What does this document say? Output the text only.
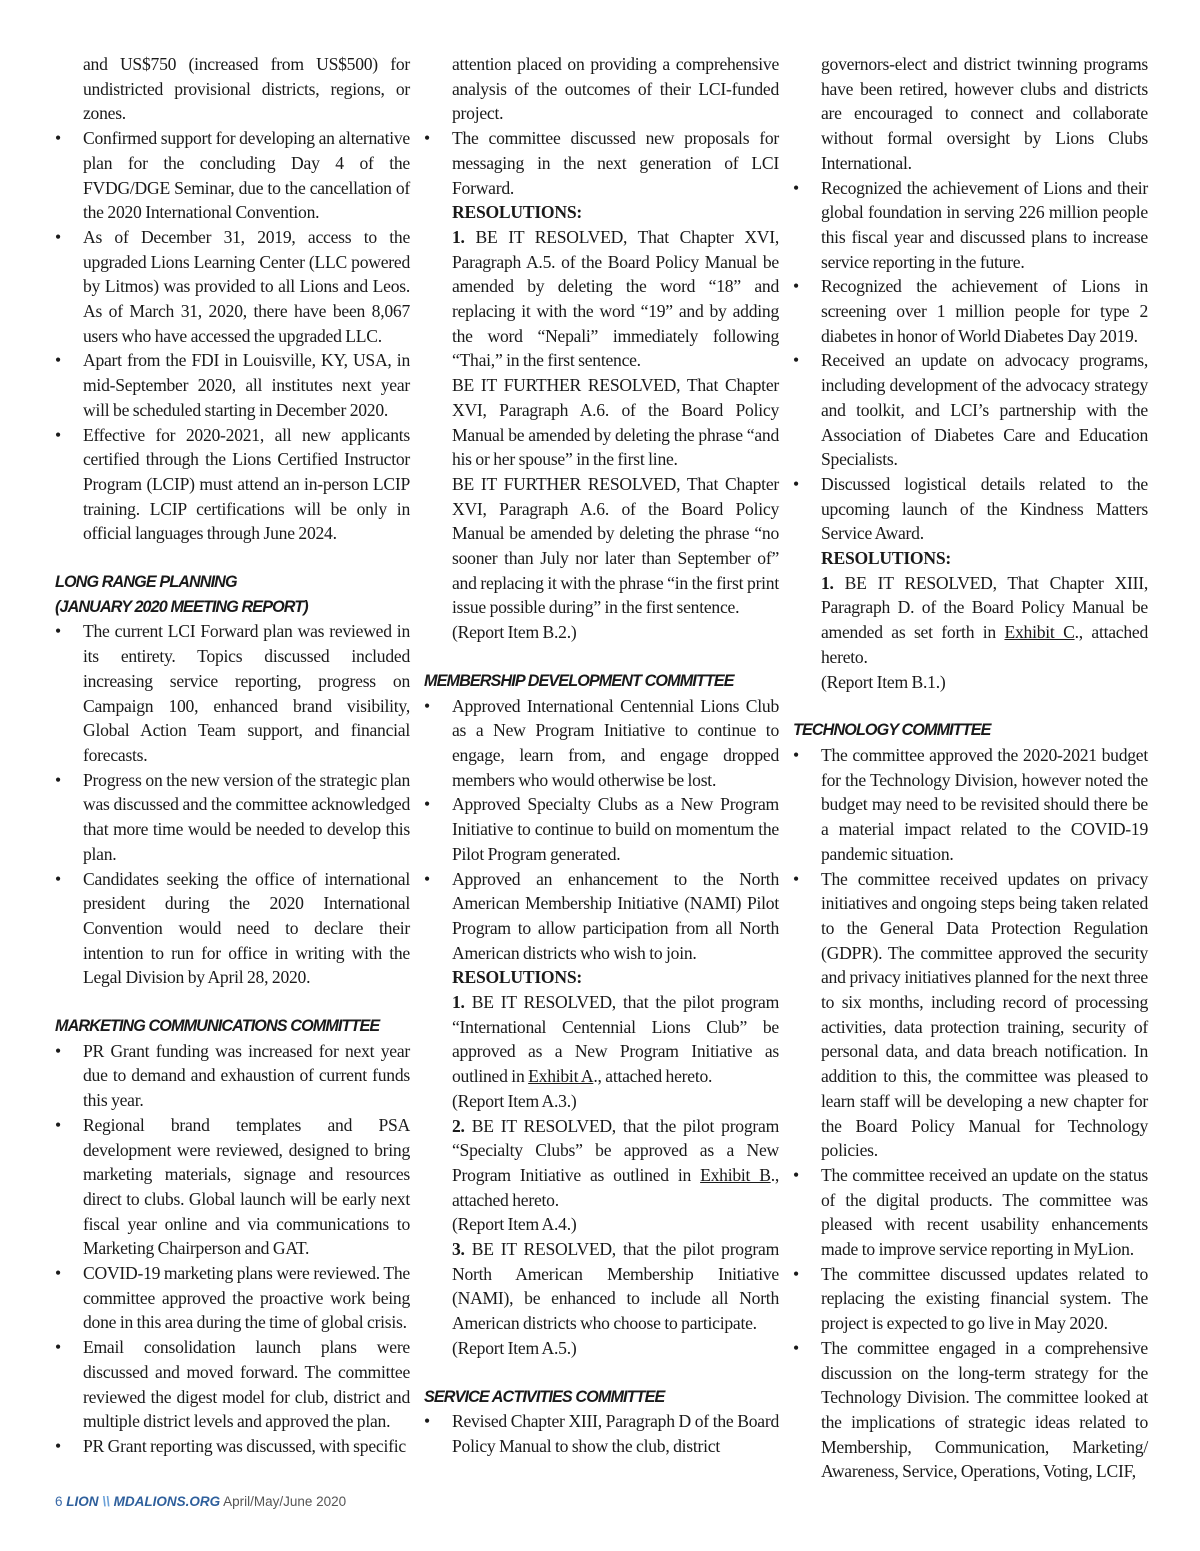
and US$750 (increased from US$500) for undistricted provisional districts, regions, or zones.
• Confirmed support for developing an alternative plan for the concluding Day 4 of the FVDG/DGE Seminar, due to the cancellation of the 2020 International Convention.
• As of December 31, 2019, access to the upgraded Lions Learning Center (LLC powered by Litmos) was provided to all Lions and Leos. As of March 31, 2020, there have been 8,067 users who have accessed the upgraded LLC.
• Apart from the FDI in Louisville, KY, USA, in mid-September 2020, all institutes next year will be scheduled starting in December 2020.
• Effective for 2020-2021, all new applicants certified through the Lions Certified Instructor Program (LCIP) must attend an in-person LCIP training. LCIP certifications will be only in official languages through June 2024.
LONG RANGE PLANNING
(JANUARY 2020 MEETING REPORT)
• The current LCI Forward plan was reviewed in its entirety. Topics discussed included increasing service reporting, progress on Campaign 100, enhanced brand visibility, Global Action Team support, and financial forecasts.
• Progress on the new version of the strategic plan was discussed and the committee acknowledged that more time would be needed to develop this plan.
• Candidates seeking the office of international president during the 2020 International Convention would need to declare their intention to run for office in writing with the Legal Division by April 28, 2020.
MARKETING COMMUNICATIONS COMMITTEE
• PR Grant funding was increased for next year due to demand and exhaustion of current funds this year.
• Regional brand templates and PSA development were reviewed, designed to bring marketing materials, signage and resources direct to clubs. Global launch will be early next fiscal year online and via communications to Marketing Chairperson and GAT.
• COVID-19 marketing plans were reviewed. The committee approved the proactive work being done in this area during the time of global crisis.
• Email consolidation launch plans were discussed and moved forward. The committee reviewed the digest model for club, district and multiple district levels and approved the plan.
• PR Grant reporting was discussed, with specific
attention placed on providing a comprehensive analysis of the outcomes of their LCI-funded project.
• The committee discussed new proposals for messaging in the next generation of LCI Forward.
RESOLUTIONS:
1. BE IT RESOLVED, That Chapter XVI, Paragraph A.5. of the Board Policy Manual be amended by deleting the word “18” and replacing it with the word “19” and by adding the word “Nepali” immediately following “Thai,” in the first sentence.
BE IT FURTHER RESOLVED, That Chapter XVI, Paragraph A.6. of the Board Policy Manual be amended by deleting the phrase “and his or her spouse” in the first line.
BE IT FURTHER RESOLVED, That Chapter XVI, Paragraph A.6. of the Board Policy Manual be amended by deleting the phrase “no sooner than July nor later than September of” and replacing it with the phrase “in the first print issue possible during” in the first sentence.
(Report Item B.2.)
MEMBERSHIP DEVELOPMENT COMMITTEE
• Approved International Centennial Lions Club as a New Program Initiative to continue to engage, learn from, and engage dropped members who would otherwise be lost.
• Approved Specialty Clubs as a New Program Initiative to continue to build on momentum the Pilot Program generated.
• Approved an enhancement to the North American Membership Initiative (NAMI) Pilot Program to allow participation from all North American districts who wish to join.
RESOLUTIONS:
1. BE IT RESOLVED, that the pilot program “International Centennial Lions Club” be approved as a New Program Initiative as outlined in Exhibit A., attached hereto.
(Report Item A.3.)
2. BE IT RESOLVED, that the pilot program “Specialty Clubs” be approved as a New Program Initiative as outlined in Exhibit B., attached hereto.
(Report Item A.4.)
3. BE IT RESOLVED, that the pilot program North American Membership Initiative (NAMI), be enhanced to include all North American districts who choose to participate.
(Report Item A.5.)
SERVICE ACTIVITIES COMMITTEE
• Revised Chapter XIII, Paragraph D of the Board Policy Manual to show the club, district
governors-elect and district twinning programs have been retired, however clubs and districts are encouraged to connect and collaborate without formal oversight by Lions Clubs International.
• Recognized the achievement of Lions and their global foundation in serving 226 million people this fiscal year and discussed plans to increase service reporting in the future.
• Recognized the achievement of Lions in screening over 1 million people for type 2 diabetes in honor of World Diabetes Day 2019.
• Received an update on advocacy programs, including development of the advocacy strategy and toolkit, and LCI’s partnership with the Association of Diabetes Care and Education Specialists.
• Discussed logistical details related to the upcoming launch of the Kindness Matters Service Award.
RESOLUTIONS:
1. BE IT RESOLVED, That Chapter XIII, Paragraph D. of the Board Policy Manual be amended as set forth in Exhibit C., attached hereto.
(Report Item B.1.)
TECHNOLOGY COMMITTEE
• The committee approved the 2020-2021 budget for the Technology Division, however noted the budget may need to be revisited should there be a material impact related to the COVID-19 pandemic situation.
• The committee received updates on privacy initiatives and ongoing steps being taken related to the General Data Protection Regulation (GDPR). The committee approved the security and privacy initiatives planned for the next three to six months, including record of processing activities, data protection training, security of personal data, and data breach notification. In addition to this, the committee was pleased to learn staff will be developing a new chapter for the Board Policy Manual for Technology policies.
• The committee received an update on the status of the digital products. The committee was pleased with recent usability enhancements made to improve service reporting in MyLion.
• The committee discussed updates related to replacing the existing financial system. The project is expected to go live in May 2020.
• The committee engaged in a comprehensive discussion on the long-term strategy for the Technology Division. The committee looked at the implications of strategic ideas related to Membership, Communication, Marketing/ Awareness, Service, Operations, Voting, LCIF,
6 LION \\ MDALIONS.ORG April/May/June 2020
